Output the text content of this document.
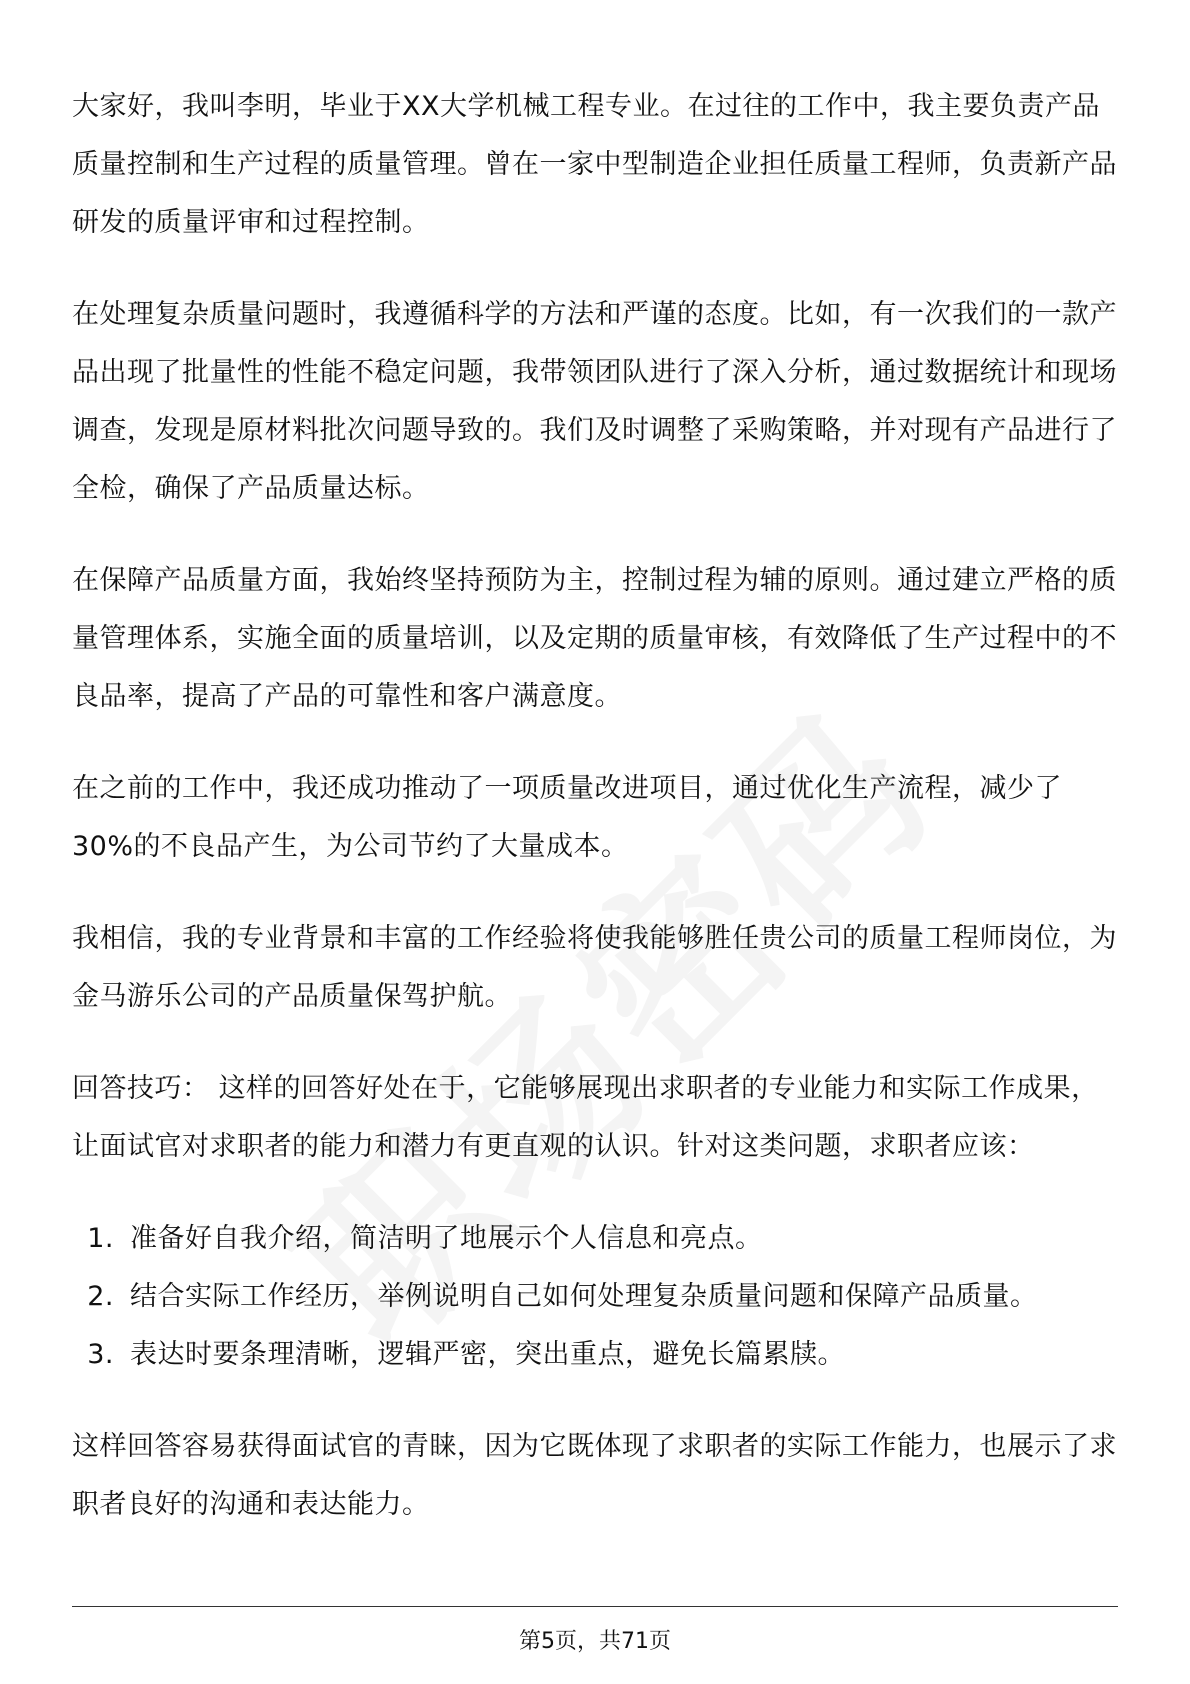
大家好，我叫李明，毕业于XX大学机械工程专业。在过往的工作中，我主要负责产品质量控制和生产过程的质量管理。曾在一家中型制造企业担任质量工程师，负责新产品研发的质量评审和过程控制。

在处理复杂质量问题时，我遵循科学的方法和严谨的态度。比如，有一次我们的一款产品出现了批量性的性能不稳定问题，我带领团队进行了深入分析，通过数据统计和现场调查，发现是原材料批次问题导致的。我们及时调整了采购策略，并对现有产品进行了全检，确保了产品质量达标。

在保障产品质量方面，我始终坚持预防为主，控制过程为辅的原则。通过建立严格的质量管理体系，实施全面的质量培训，以及定期的质量审核，有效降低了生产过程中的不良品率，提高了产品的可靠性和客户满意度。

在之前的工作中，我还成功推动了一项质量改进项目，通过优化生产流程，减少了30%的不良品产生，为公司节约了大量成本。

我相信，我的专业背景和丰富的工作经验将使我能够胜任贵公司的质量工程师岗位，为金马游乐公司的产品质量保驾护航。

回答技巧： 这样的回答好处在于，它能够展现出求职者的专业能力和实际工作成果，让面试官对求职者的能力和潜力有更直观的认识。针对这类问题，求职者应该：

1. 准备好自我介绍，简洁明了地展示个人信息和亮点。
2. 结合实际工作经历，举例说明自己如何处理复杂质量问题和保障产品质量。
3. 表达时要条理清晰，逻辑严密，突出重点，避免长篇累牍。

这样回答容易获得面试官的青睐，因为它既体现了求职者的实际工作能力，也展示了求职者良好的沟通和表达能力。

第5页，共71页
